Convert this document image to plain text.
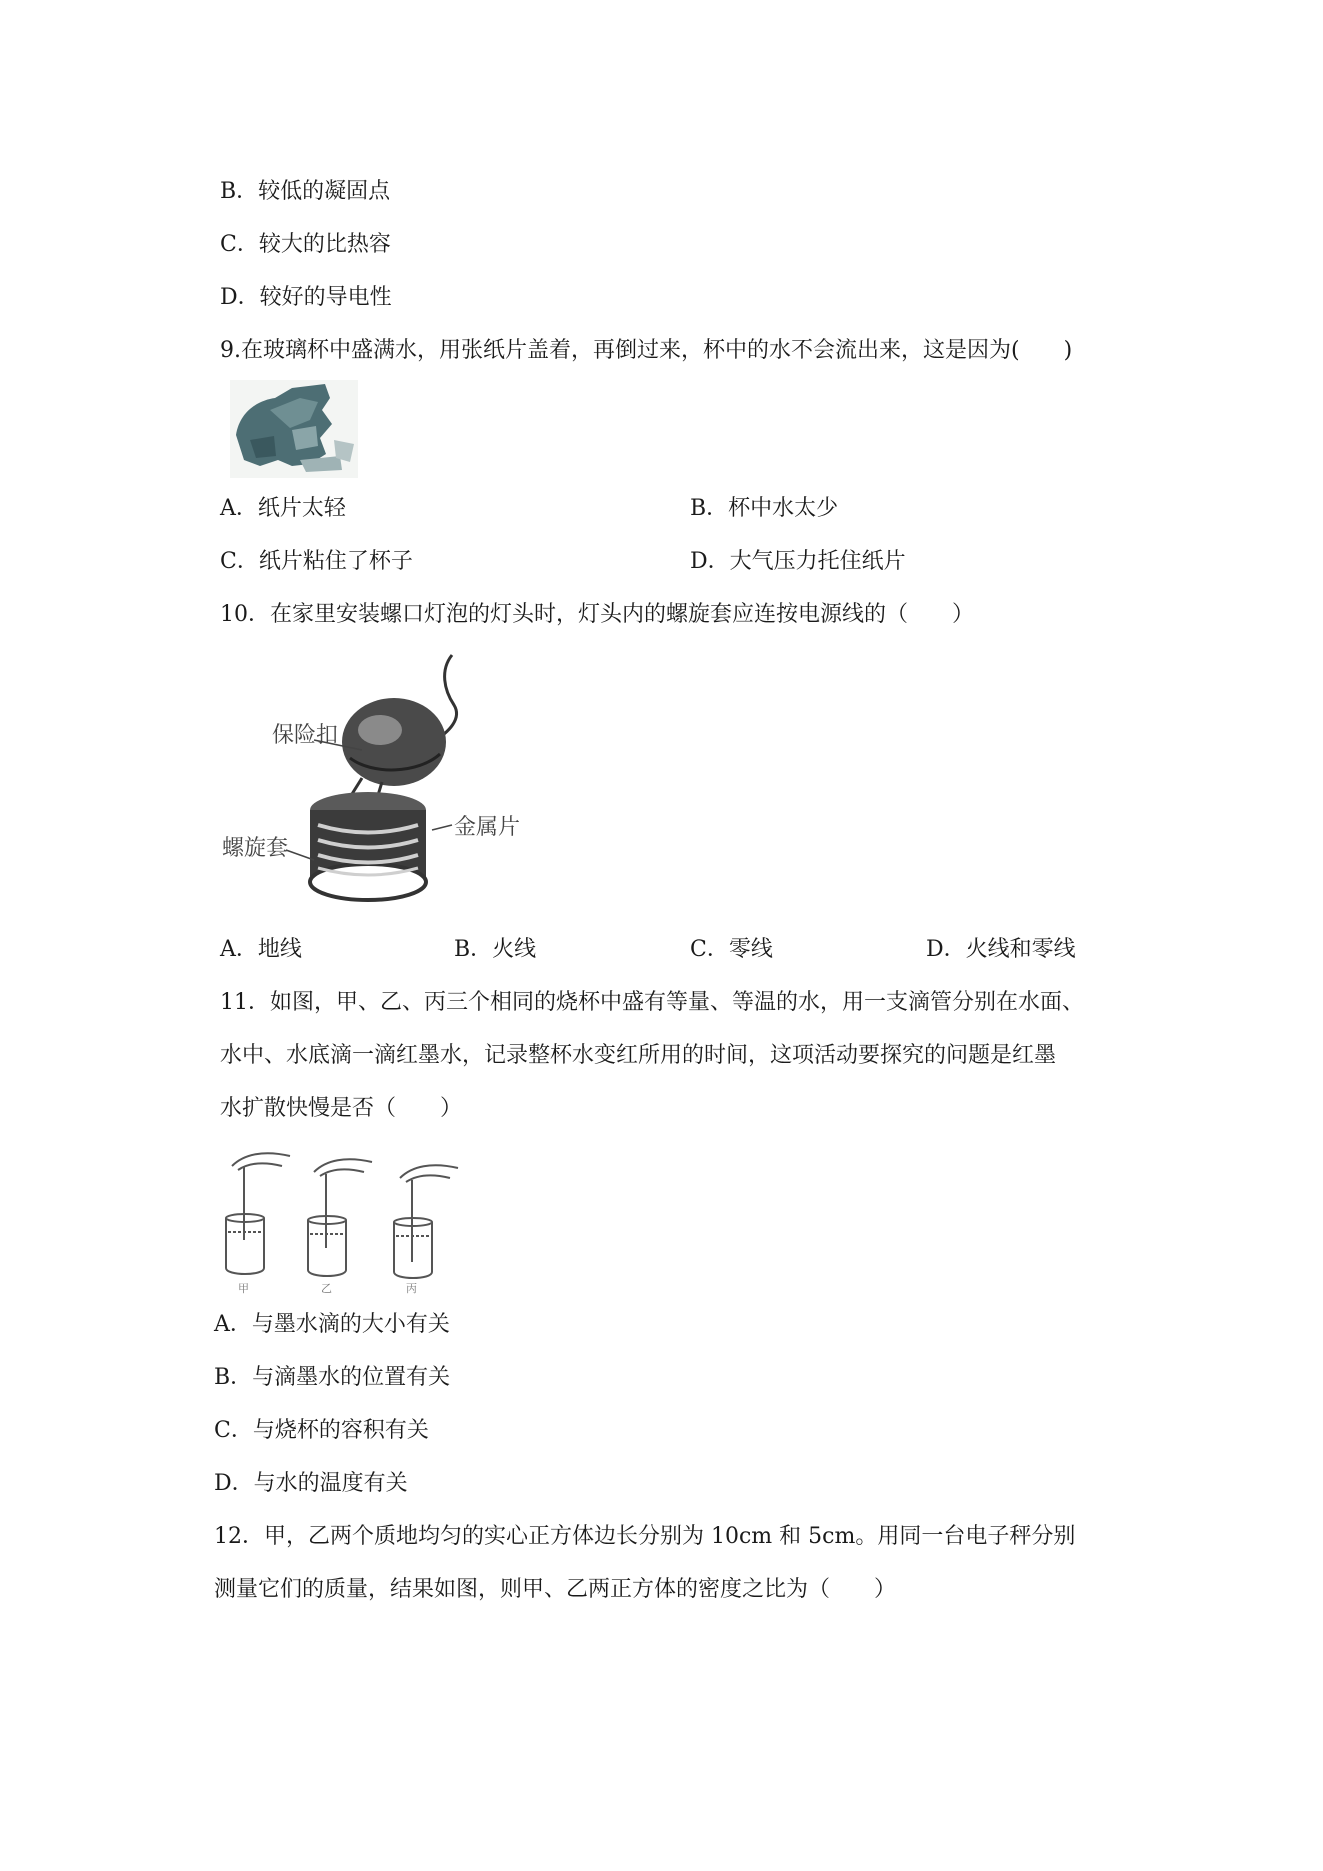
B．较低的凝固点
C．较大的比热容
D．较好的导电性
9.在玻璃杯中盛满水，用张纸片盖着，再倒过来，杯中的水不会流出来，这是因为(　　)
A．纸片太轻	B．杯中水太少
C．纸片粘住了杯子	D．大气压力托住纸片
10．在家里安装螺口灯泡的灯头时，灯头内的螺旋套应连按电源线的（　　）
保险扣
金属片
螺旋套
A．地线	B．火线	C．零线	D．火线和零线
11．如图，甲、乙、丙三个相同的烧杯中盛有等量、等温的水，用一支滴管分别在水面、
水中、水底滴一滴红墨水，记录整杯水变红所用的时间，这项活动要探究的问题是红墨
水扩散快慢是否（　　）
甲	乙	丙
A．与墨水滴的大小有关
B．与滴墨水的位置有关
C．与烧杯的容积有关
D．与水的温度有关
12．甲，乙两个质地均匀的实心正方体边长分别为 10cm 和 5cm。用同一台电子秤分别
测量它们的质量，结果如图，则甲、乙两正方体的密度之比为（　　）
